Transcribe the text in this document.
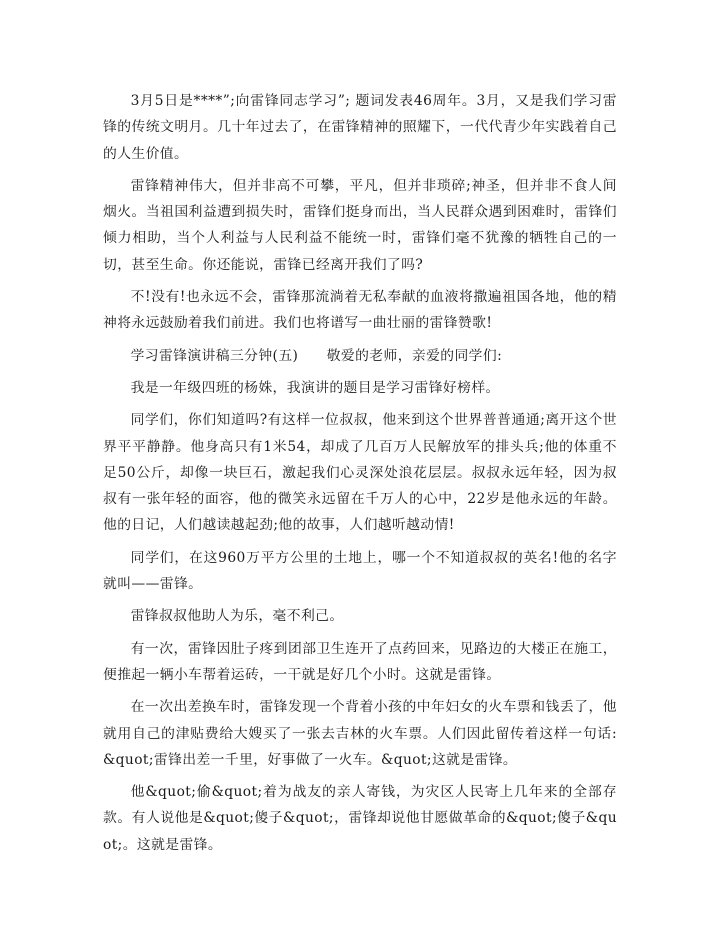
3月5日是****”;向雷锋同志学习”; 题词发表46周年。3月，又是我们学习雷锋的传统文明月。几十年过去了，在雷锋精神的照耀下，一代代青少年实践着自己的人生价值。

雷锋精神伟大，但并非高不可攀，平凡，但并非琐碎;神圣，但并非不食人间烟火。当祖国利益遭到损失时，雷锋们挺身而出，当人民群众遇到困难时，雷锋们倾力相助，当个人利益与人民利益不能统一时，雷锋们毫不犹豫的牺牲自己的一切，甚至生命。你还能说，雷锋已经离开我们了吗?

不!没有!也永远不会，雷锋那流淌着无私奉献的血液将撒遍祖国各地，他的精神将永远鼓励着我们前进。我们也将谱写一曲壮丽的雷锋赞歌!

学习雷锋演讲稿三分钟(五)　　敬爱的老师，亲爱的同学们:

我是一年级四班的杨姝，我演讲的题目是学习雷锋好榜样。

同学们，你们知道吗?有这样一位叔叔，他来到这个世界普普通通;离开这个世界平平静静。他身高只有1米54，却成了几百万人民解放军的排头兵;他的体重不足50公斤，却像一块巨石，激起我们心灵深处浪花层层。叔叔永远年轻，因为叔叔有一张年轻的面容，他的微笑永远留在千万人的心中，22岁是他永远的年龄。他的日记，人们越读越起劲;他的故事，人们越听越动情!

同学们，在这960万平方公里的土地上，哪一个不知道叔叔的英名!他的名字就叫——雷锋。

雷锋叔叔他助人为乐，毫不利己。

有一次，雷锋因肚子疼到团部卫生连开了点药回来，见路边的大楼正在施工，便推起一辆小车帮着运砖，一干就是好几个小时。这就是雷锋。

在一次出差换车时，雷锋发现一个背着小孩的中年妇女的火车票和钱丢了，他就用自己的津贴费给大嫂买了一张去吉林的火车票。人们因此留传着这样一句话:&quot;雷锋出差一千里，好事做了一火车。&quot;这就是雷锋。

他&quot;偷&quot;着为战友的亲人寄钱，为灾区人民寄上几年来的全部存款。有人说他是&quot;傻子&quot;，雷锋却说他甘愿做革命的&quot;傻子&quot;。这就是雷锋。
